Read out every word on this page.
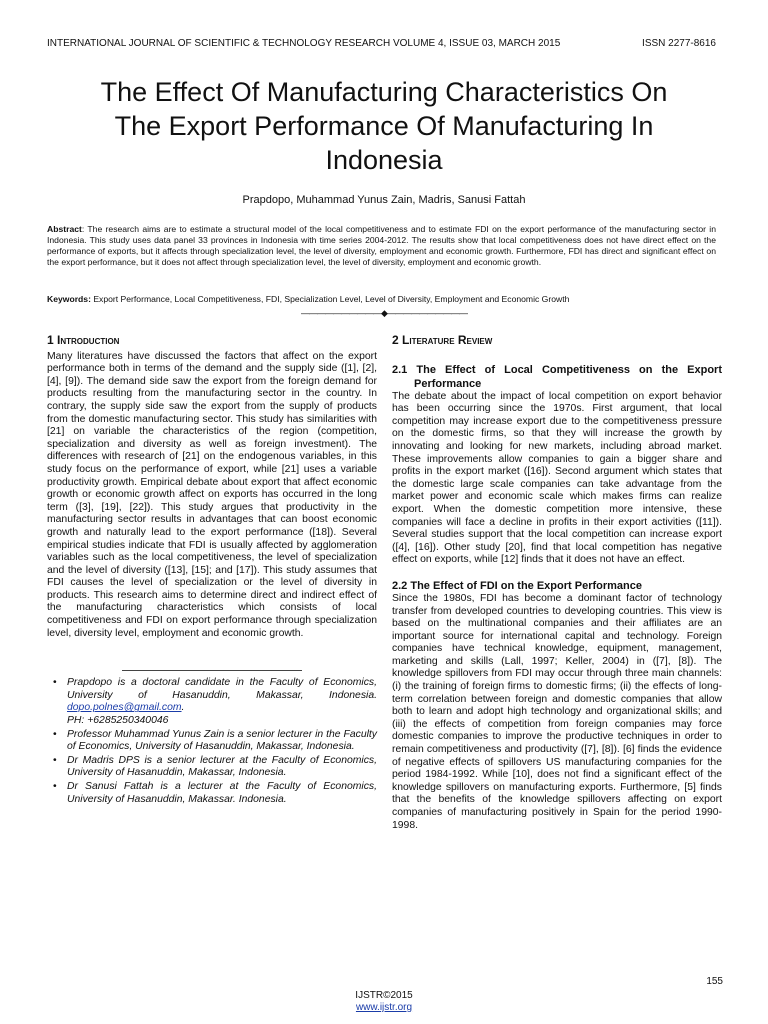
INTERNATIONAL JOURNAL OF SCIENTIFIC & TECHNOLOGY RESEARCH VOLUME 4, ISSUE 03, MARCH 2015	ISSN 2277-8616
The Effect Of Manufacturing Characteristics On
The Export Performance Of Manufacturing In
Indonesia
Prapdopo, Muhammad Yunus Zain, Madris, Sanusi Fattah
Abstract: The research aims are to estimate a structural model of the local competitiveness and to estimate FDI on the export performance of the manufacturing sector in Indonesia. This study uses data panel 33 provinces in Indonesia with time series 2004-2012. The results show that local competitiveness does not have direct effect on the performance of exports, but it affects through specialization level, the level of diversity, employment and economic growth. Furthermore, FDI has direct and significant effect on the export performance, but it does not affect through specialization level, the level of diversity, employment and economic growth.
Keywords: Export Performance, Local Competitiveness, FDI, Specialization Level, Level of Diversity, Employment and Economic Growth
——————————◆——————————
1 Introduction

Many literatures have discussed the factors that affect on the export performance both in terms of the demand and the supply side ([1], [2], [4], [9]). The demand side saw the export from the foreign demand for products resulting from the manufacturing sector in the country. In contrary, the supply side saw the export from the supply of products from the domestic manufacturing sector. This study has similarities with [21] on variable the characteristics of the region (competition, specialization and diversity as well as foreign investment). The differences with research of [21] on the endogenous variables, in this study focus on the performance of export, while [21] uses a variable productivity growth. Empirical debate about export that affect economic growth or economic growth affect on exports has occurred in the long term ([3], [19], [22]). This study argues that productivity in the manufacturing sector results in advantages that can boost economic growth and naturally lead to the export performance ([18]). Several empirical studies indicate that FDI is usually affected by agglomeration variables such as the local competitiveness, the level of specialization and the level of diversity ([13], [15]; and [17]). This study assumes that FDI causes the level of specialization or the level of diversity in products. This research aims to determine direct and indirect effect of the manufacturing characteristics which consists of local competitiveness and FDI on export performance through specialization level, diversity level, employment and economic growth.

• Prapdopo is a doctoral candidate in the Faculty of Economics, University of Hasanuddin, Makassar, Indonesia. dopo.polnes@gmail.com.
PH: +6285250340046
• Professor Muhammad Yunus Zain is a senior lecturer in the Faculty of Economics, University of Hasanuddin, Makassar, Indonesia.
• Dr Madris DPS is a senior lecturer at the Faculty of Economics, University of Hasanuddin, Makassar, Indonesia.
• Dr Sanusi Fattah is a lecturer at the Faculty of Economics, University of Hasanuddin, Makassar. Indonesia.
2 Literature Review
2.1 The Effect of Local Competitiveness on the Export Performance

The debate about the impact of local competition on export behavior has been occurring since the 1970s. First argument, that local competition may increase export due to the competitiveness pressure on the domestic firms, so that they will increase the growth by innovating and looking for new markets, including abroad market. These improvements allow companies to gain a bigger share and profits in the export market ([16]). Second argument which states that the domestic large scale companies can take advantage from the market power and economic scale which makes firms can realize export. When the domestic competition more intensive, these companies will face a decline in profits in their export activities ([11]). Several studies support that the local competition can increase export ([4], [16]). Other study [20], find that local competition has negative effect on exports, while [12] finds that it does not have an effect.

2.2 The Effect of FDI on the Export Performance

Since the 1980s, FDI has become a dominant factor of technology transfer from developed countries to developing countries. This view is based on the multinational companies and their affiliates are an important source for international capital and technology. Foreign companies have technical knowledge, equipment, management, marketing and skills (Lall, 1997; Keller, 2004) in ([7], [8]). The knowledge spillovers from FDI may occur through three main channels: (i) the training of foreign firms to domestic firms; (ii) the effects of long-term correlation between foreign and domestic companies that allow both to learn and adopt high technology and organizational skills; and (iii) the effects of competition from foreign companies may force domestic companies to improve the productive techniques in order to remain competitiveness and productivity ([7], [8]). [6] finds the evidence of negative effects of spillovers US manufacturing companies for the period 1984-1992. While [10], does not find a significant effect of the knowledge spillovers on manufacturing exports. Furthermore, [5] finds that the benefits of the knowledge spillovers affecting on export companies of manufacturing positively in Spain for the period 1990-1998.

155
IJSTR©2015
www.ijstr.org
